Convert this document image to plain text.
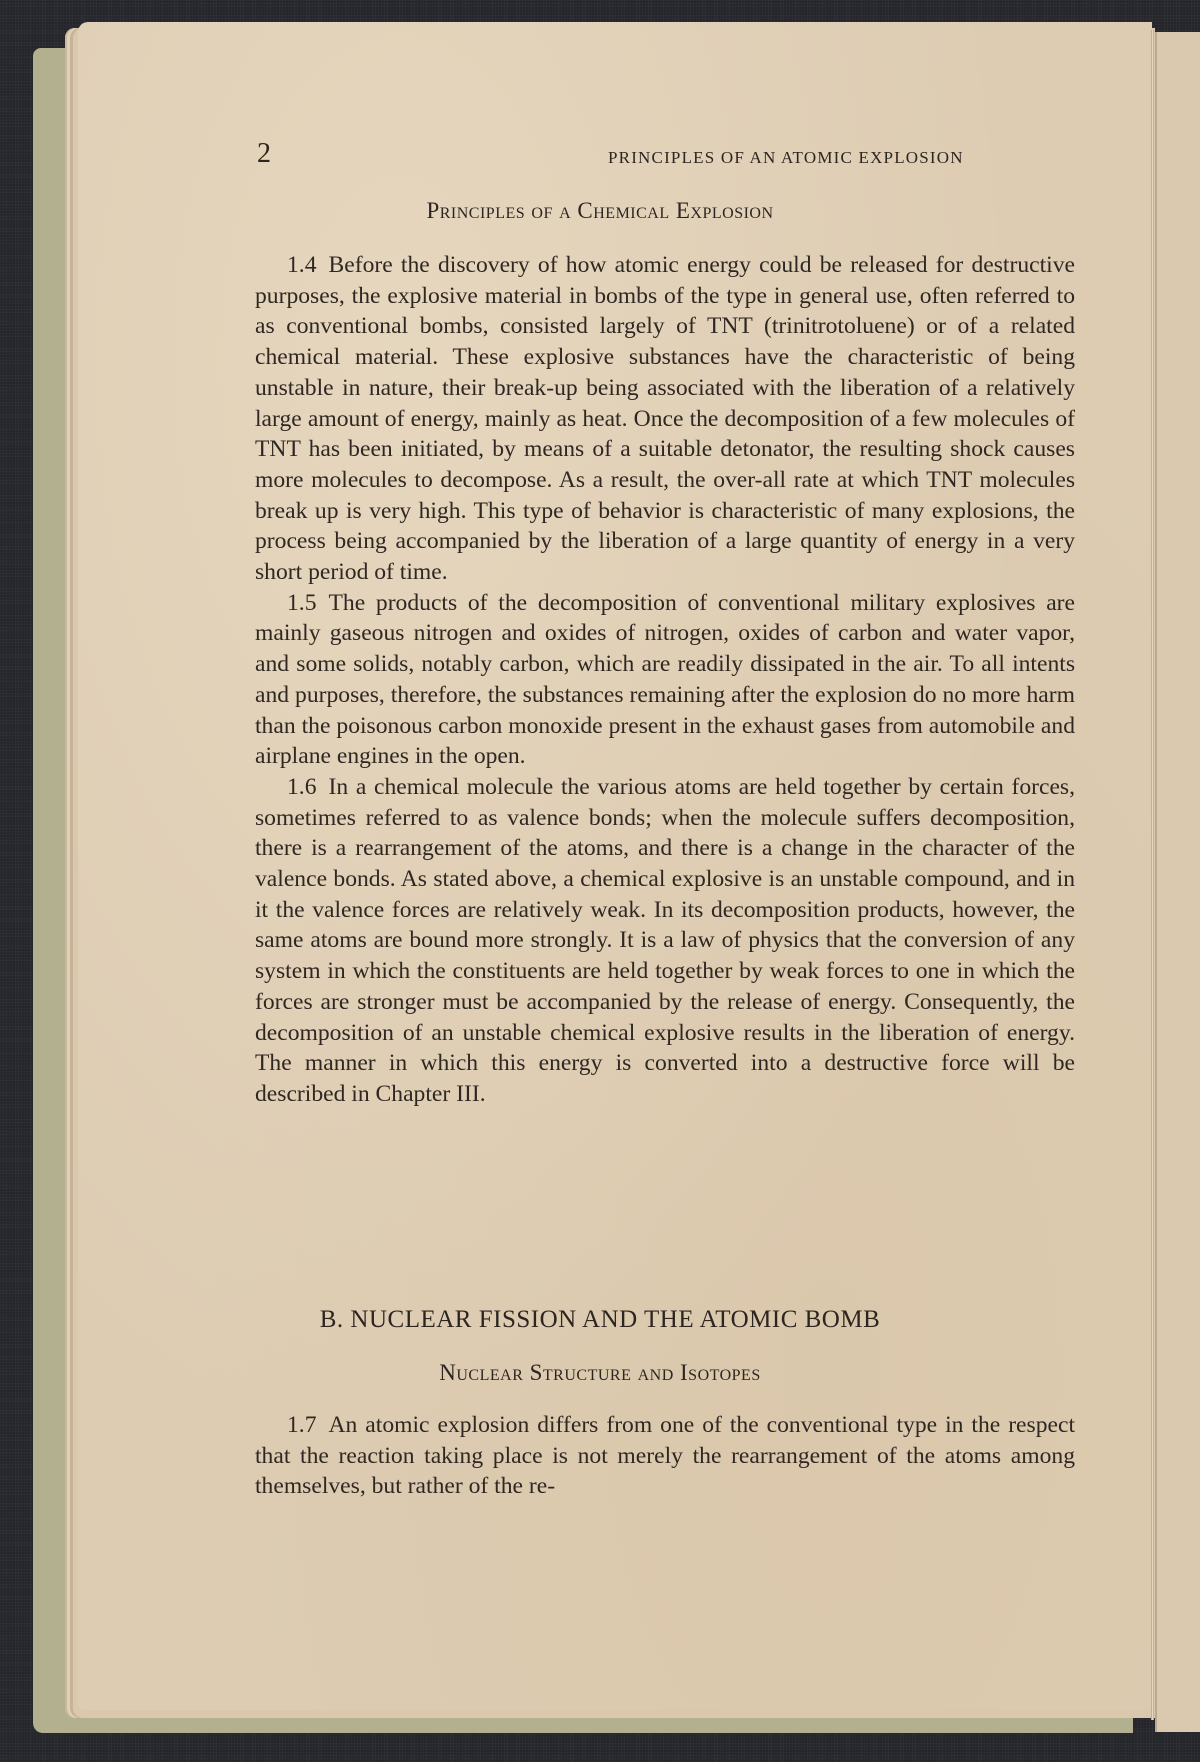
2	PRINCIPLES OF AN ATOMIC EXPLOSION
Principles of a Chemical Explosion

1.4 Before the discovery of how atomic energy could be released for destructive purposes, the explosive material in bombs of the type in general use, often referred to as conventional bombs, consisted largely of TNT (trinitrotoluene) or of a related chemical material. These explosive substances have the characteristic of being unstable in nature, their break-up being associated with the liberation of a relatively large amount of energy, mainly as heat. Once the decomposition of a few molecules of TNT has been initiated, by means of a suitable detonator, the resulting shock causes more molecules to decompose. As a result, the over-all rate at which TNT molecules break up is very high. This type of behavior is characteristic of many explosions, the process being accompanied by the liberation of a large quantity of energy in a very short period of time.

1.5 The products of the decomposition of conventional military explosives are mainly gaseous nitrogen and oxides of nitrogen, oxides of carbon and water vapor, and some solids, notably carbon, which are readily dissipated in the air. To all intents and purposes, therefore, the substances remaining after the explosion do no more harm than the poisonous carbon monoxide present in the exhaust gases from automobile and airplane engines in the open.

1.6 In a chemical molecule the various atoms are held together by certain forces, sometimes referred to as valence bonds; when the molecule suffers decomposition, there is a rearrangement of the atoms, and there is a change in the character of the valence bonds. As stated above, a chemical explosive is an unstable compound, and in it the valence forces are relatively weak. In its decomposition products, however, the same atoms are bound more strongly. It is a law of physics that the conversion of any system in which the constituents are held together by weak forces to one in which the forces are stronger must be accompanied by the release of energy. Consequently, the decomposition of an unstable chemical explosive results in the liberation of energy. The manner in which this energy is converted into a destructive force will be described in Chapter III.

B. NUCLEAR FISSION AND THE ATOMIC BOMB
Nuclear Structure and Isotopes

1.7 An atomic explosion differs from one of the conventional type in the respect that the reaction taking place is not merely the rearrangement of the atoms among themselves, but rather of the re-
